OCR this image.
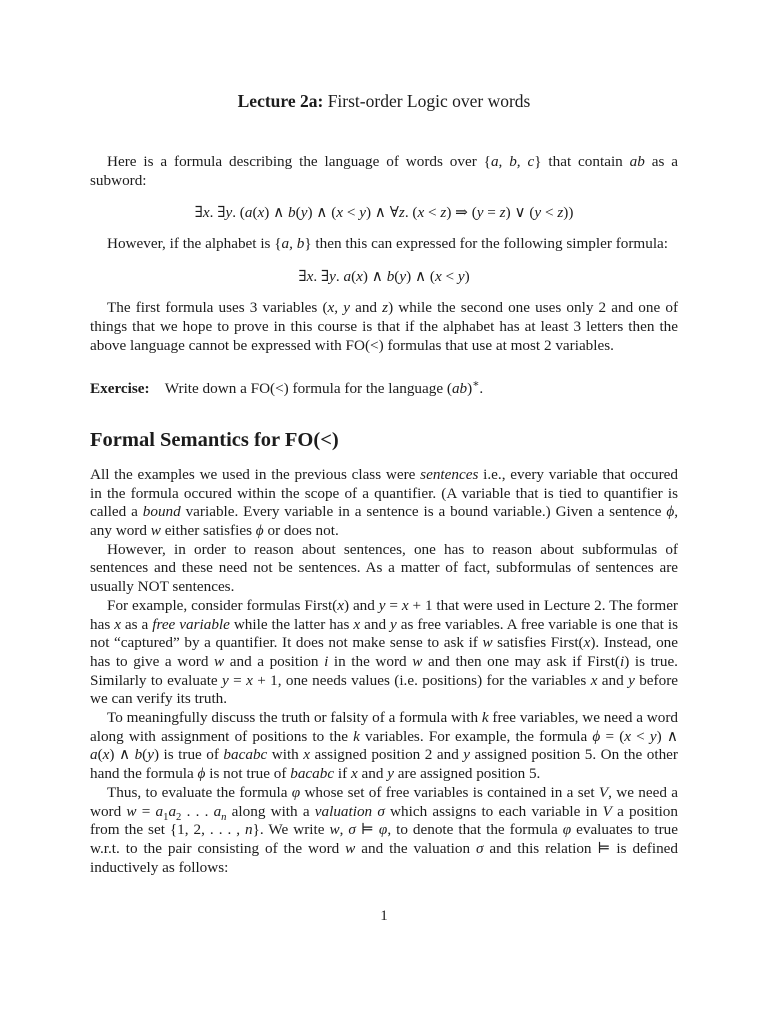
Lecture 2a: First-order Logic over words
Here is a formula describing the language of words over {a, b, c} that contain ab as a subword:
∃x. ∃y. (a(x) ∧ b(y) ∧ (x < y) ∧ ∀z. (x < z) ⇒ (y = z) ∨ (y < z))
However, if the alphabet is {a, b} then this can expressed for the following simpler formula:
∃x. ∃y. a(x) ∧ b(y) ∧ (x < y)
The first formula uses 3 variables (x, y and z) while the second one uses only 2 and one of things that we hope to prove in this course is that if the alphabet has at least 3 letters then the above language cannot be expressed with FO(<) formulas that use at most 2 variables.
Exercise: Write down a FO(<) formula for the language (ab)∗.
Formal Semantics for FO(<)
All the examples we used in the previous class were sentences i.e., every variable that occured in the formula occured within the scope of a quantifier. (A variable that is tied to quantifier is called a bound variable. Every variable in a sentence is a bound variable.) Given a sentence ϕ, any word w either satisfies ϕ or does not.
However, in order to reason about sentences, one has to reason about subformulas of sentences and these need not be sentences. As a matter of fact, subformulas of sentences are usually NOT sentences.
For example, consider formulas First(x) and y = x + 1 that were used in Lecture 2. The former has x as a free variable while the latter has x and y as free variables. A free variable is one that is not “captured” by a quantifier. It does not make sense to ask if w satisfies First(x). Instead, one has to give a word w and a position i in the word w and then one may ask if First(i) is true. Similarly to evaluate y = x + 1, one needs values (i.e. positions) for the variables x and y before we can verify its truth.
To meaningfully discuss the truth or falsity of a formula with k free variables, we need a word along with assignment of positions to the k variables. For example, the formula ϕ = (x < y) ∧ a(x) ∧ b(y) is true of bacabc with x assigned position 2 and y assigned position 5. On the other hand the formula ϕ is not true of bacabc if x and y are assigned position 5.
Thus, to evaluate the formula φ whose set of free variables is contained in a set V, we need a word $w = a_1a_2$ . . . $a_n$ along with a valuation σ which assigns to each variable in V a position from the set {1, 2, . . . , n}. We write w, σ ⊨ φ, to denote that the formula φ evaluates to true w.r.t. to the pair consisting of the word w and the valuation σ and this relation ⊨ is defined inductively as follows:
1
